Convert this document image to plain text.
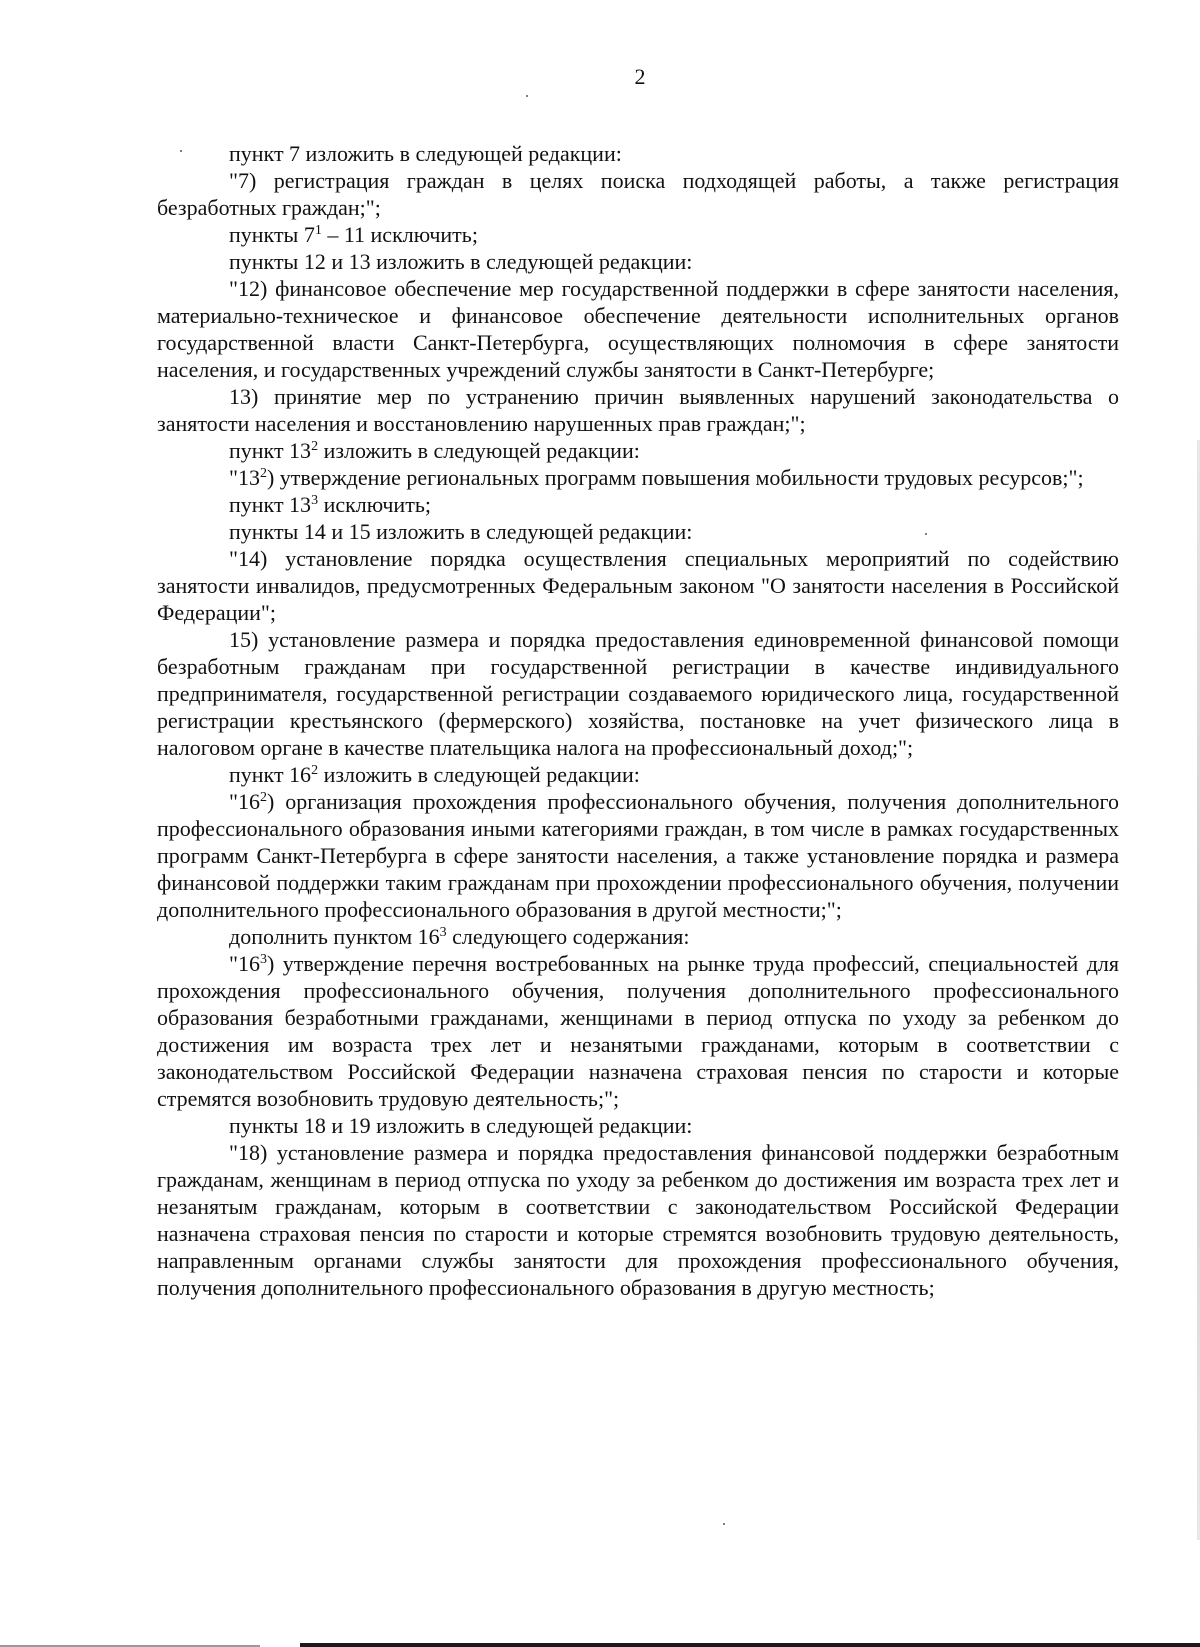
2

пункт 7 изложить в следующей редакции:

"7) регистрация граждан в целях поиска подходящей работы, а также регистрация безработных граждан;";

пункты $7^1 - 11$ исключить;

пункты 12 и 13 изложить в следующей редакции:

"12) финансовое обеспечение мер государственной поддержки в сфере занятости населения, материально-техническое и финансовое обеспечение деятельности исполнительных органов государственной власти Санкт-Петербурга, осуществляющих полномочия в сфере занятости населения, и государственных учреждений службы занятости в Санкт-Петербурге;

13) принятие мер по устранению причин выявленных нарушений законодательства о занятости населения и восстановлению нарушенных прав граждан;";

пункт $13^2$ изложить в следующей редакции:

"$13^2$) утверждение региональных программ повышения мобильности трудовых ресурсов;";

пункт $13^3$ исключить;

пункты 14 и 15 изложить в следующей редакции:

"14) установление порядка осуществления специальных мероприятий по содействию занятости инвалидов, предусмотренных Федеральным законом "О занятости населения в Российской Федерации";

15) установление размера и порядка предоставления единовременной финансовой помощи безработным гражданам при государственной регистрации в качестве индивидуального предпринимателя, государственной регистрации создаваемого юридического лица, государственной регистрации крестьянского (фермерского) хозяйства, постановке на учет физического лица в налоговом органе в качестве плательщика налога на профессиональный доход;";

пункт $16^2$ изложить в следующей редакции:

"$16^2$) организация прохождения профессионального обучения, получения дополнительного профессионального образования иными категориями граждан, в том числе в рамках государственных программ Санкт-Петербурга в сфере занятости населения, а также установление порядка и размера финансовой поддержки таким гражданам при прохождении профессионального обучения, получении дополнительного профессионального образования в другой местности;";

дополнить пунктом $16^3$ следующего содержания:

"$16^3$) утверждение перечня востребованных на рынке труда профессий, специальностей для прохождения профессионального обучения, получения дополнительного профессионального образования безработными гражданами, женщинами в период отпуска по уходу за ребенком до достижения им возраста трех лет и незанятыми гражданами, которым в соответствии с законодательством Российской Федерации назначена страховая пенсия по старости и которые стремятся возобновить трудовую деятельность;";

пункты 18 и 19 изложить в следующей редакции:

"18) установление размера и порядка предоставления финансовой поддержки безработным гражданам, женщинам в период отпуска по уходу за ребенком до достижения им возраста трех лет и незанятым гражданам, которым в соответствии с законодательством Российской Федерации назначена страховая пенсия по старости и которые стремятся возобновить трудовую деятельность, направленным органами службы занятости для прохождения профессионального обучения, получения дополнительного профессионального образования в другую местность;
